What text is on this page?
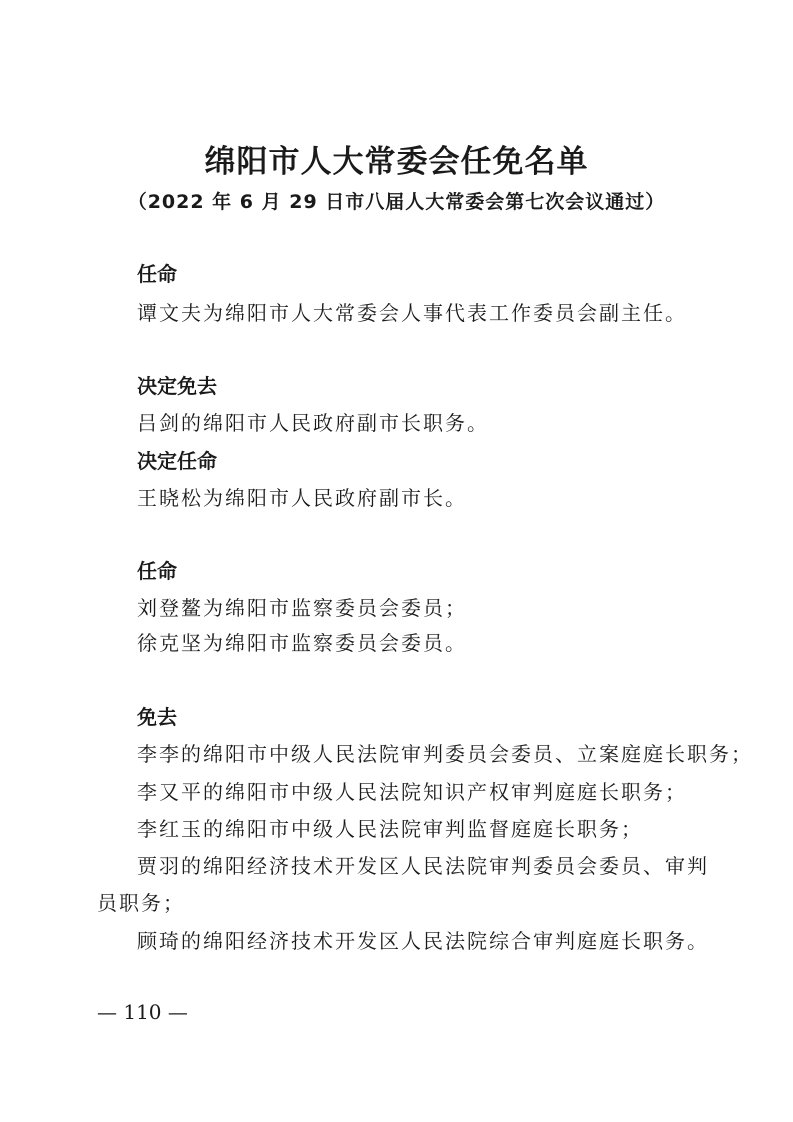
绵阳市人大常委会任免名单
（2022 年 6 月 29 日市八届人大常委会第七次会议通过）
任命
谭文夫为绵阳市人大常委会人事代表工作委员会副主任。
决定免去
吕剑的绵阳市人民政府副市长职务。
决定任命
王晓松为绵阳市人民政府副市长。
任命
刘登鳌为绵阳市监察委员会委员；
徐克坚为绵阳市监察委员会委员。
免去
李李的绵阳市中级人民法院审判委员会委员、立案庭庭长职务；
李又平的绵阳市中级人民法院知识产权审判庭庭长职务；
李红玉的绵阳市中级人民法院审判监督庭庭长职务；
贾羽的绵阳经济技术开发区人民法院审判委员会委员、审判
员职务；
顾琦的绵阳经济技术开发区人民法院综合审判庭庭长职务。
— 110 —
